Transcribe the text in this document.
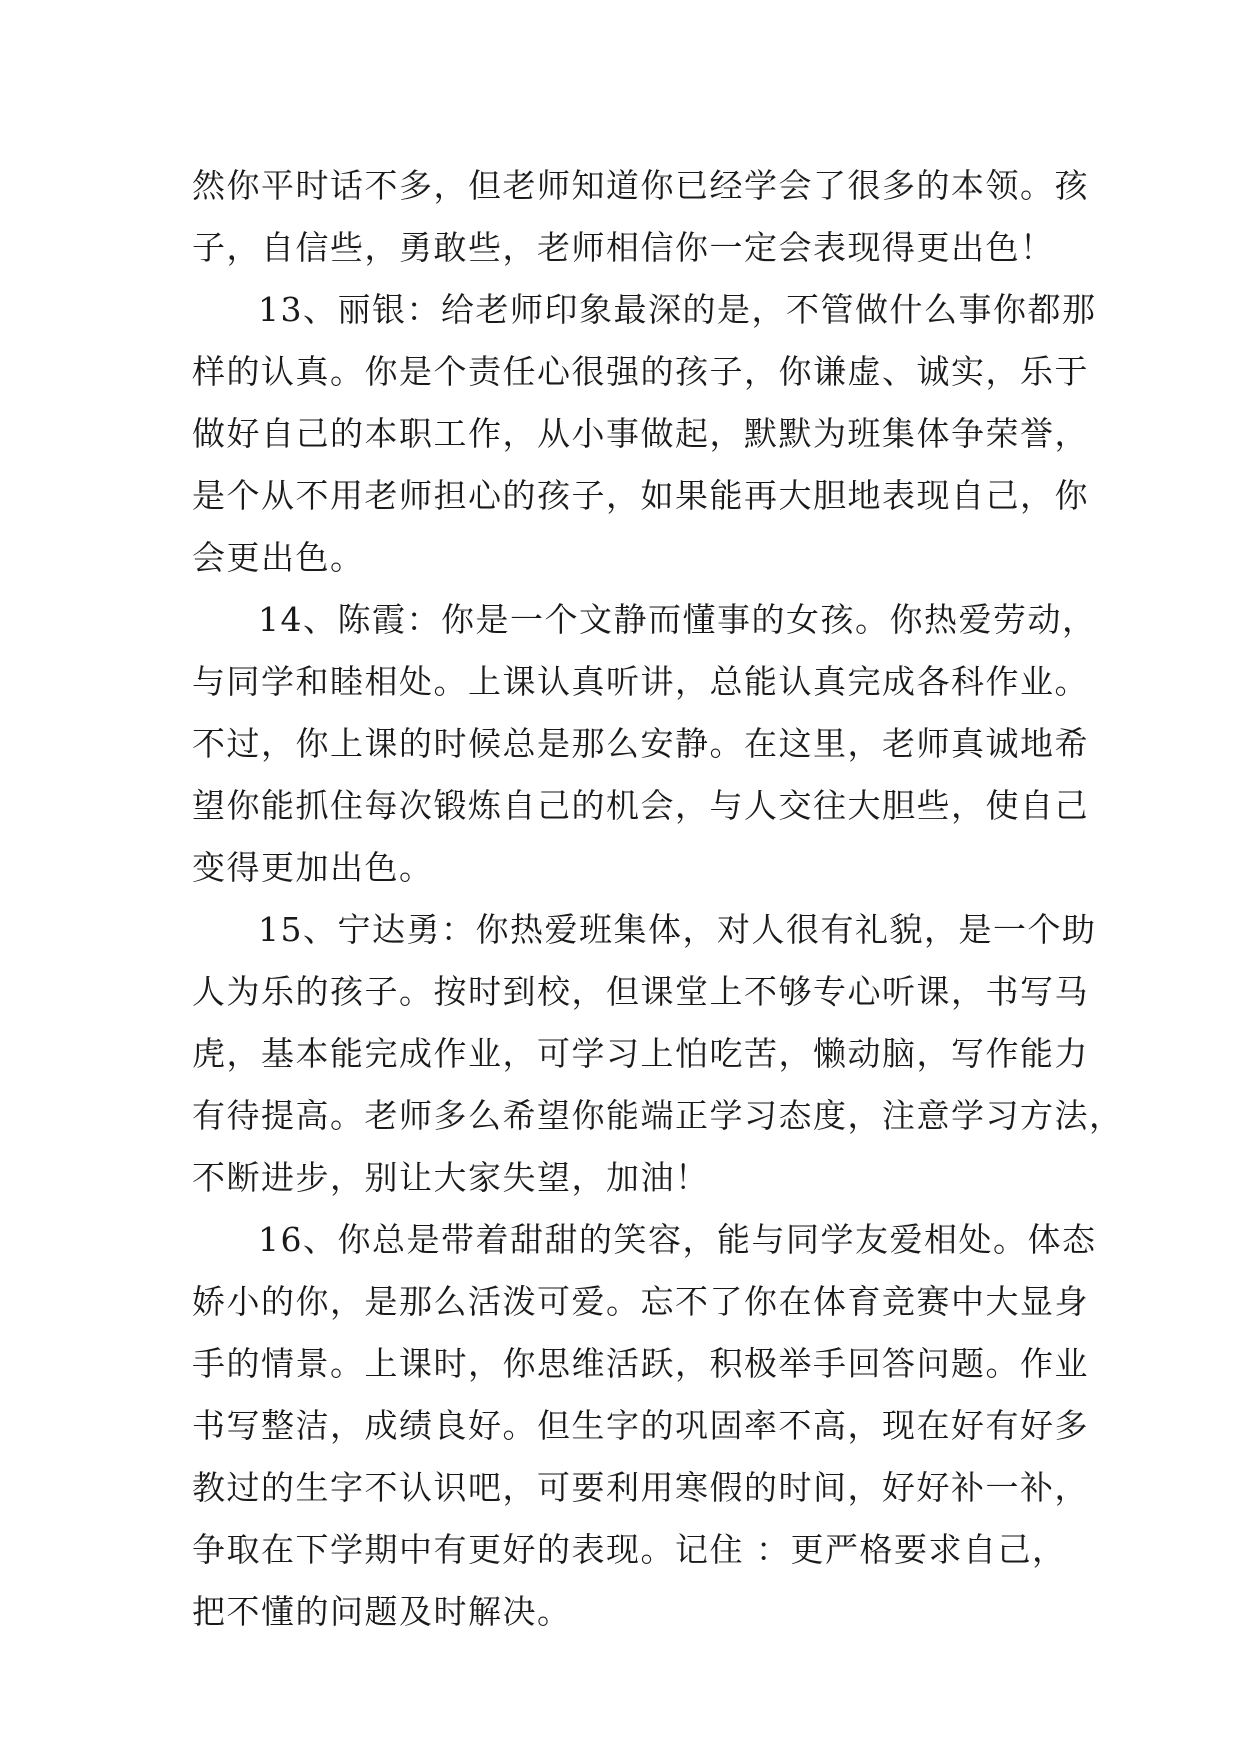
然你平时话不多，但老师知道你已经学会了很多的本领。孩
子，自信些，勇敢些，老师相信你一定会表现得更出色！
13、丽银：给老师印象最深的是，不管做什么事你都那
样的认真。你是个责任心很强的孩子，你谦虚、诚实，乐于
做好自己的本职工作，从小事做起，默默为班集体争荣誉，
是个从不用老师担心的孩子，如果能再大胆地表现自己，你
会更出色。
14、陈霞：你是一个文静而懂事的女孩。你热爱劳动，
与同学和睦相处。上课认真听讲，总能认真完成各科作业。
不过，你上课的时候总是那么安静。在这里，老师真诚地希
望你能抓住每次锻炼自己的机会，与人交往大胆些，使自己
变得更加出色。
15、宁达勇：你热爱班集体，对人很有礼貌，是一个助
人为乐的孩子。按时到校，但课堂上不够专心听课，书写马
虎，基本能完成作业，可学习上怕吃苦，懒动脑，写作能力
有待提高。老师多么希望你能端正学习态度，注意学习方法，
不断进步，别让大家失望，加油！
16、你总是带着甜甜的笑容，能与同学友爱相处。体态
娇小的你，是那么活泼可爱。忘不了你在体育竞赛中大显身
手的情景。上课时，你思维活跃，积极举手回答问题。作业
书写整洁，成绩良好。但生字的巩固率不高，现在好有好多
教过的生字不认识吧，可要利用寒假的时间，好好补一补，
争取在下学期中有更好的表现。记住 ：更严格要求自己，
把不懂的问题及时解决。
